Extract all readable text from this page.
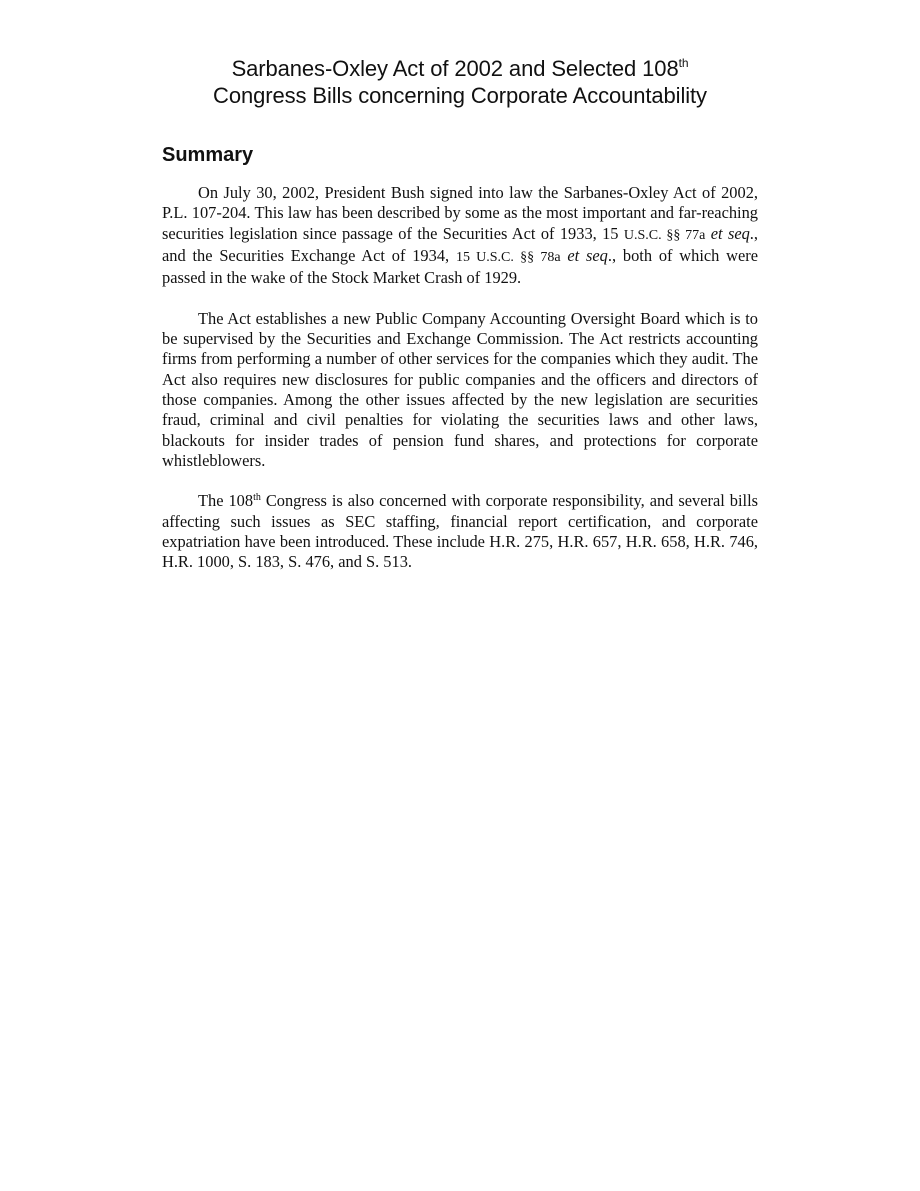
Sarbanes-Oxley Act of 2002 and Selected 108th
Congress Bills concerning Corporate Accountability
Summary

On July 30, 2002, President Bush signed into law the Sarbanes-Oxley Act of 2002, P.L. 107-204. This law has been described by some as the most important and far-reaching securities legislation since passage of the Securities Act of 1933, 15 U.S.C. §§ 77a et seq., and the Securities Exchange Act of 1934, 15 U.S.C. §§ 78a et seq., both of which were passed in the wake of the Stock Market Crash of 1929.

The Act establishes a new Public Company Accounting Oversight Board which is to be supervised by the Securities and Exchange Commission. The Act restricts accounting firms from performing a number of other services for the companies which they audit. The Act also requires new disclosures for public companies and the officers and directors of those companies. Among the other issues affected by the new legislation are securities fraud, criminal and civil penalties for violating the securities laws and other laws, blackouts for insider trades of pension fund shares, and protections for corporate whistleblowers.

The 108th Congress is also concerned with corporate responsibility, and several bills affecting such issues as SEC staffing, financial report certification, and corporate expatriation have been introduced. These include H.R. 275, H.R. 657, H.R. 658, H.R. 746, H.R. 1000, S. 183, S. 476, and S. 513.
